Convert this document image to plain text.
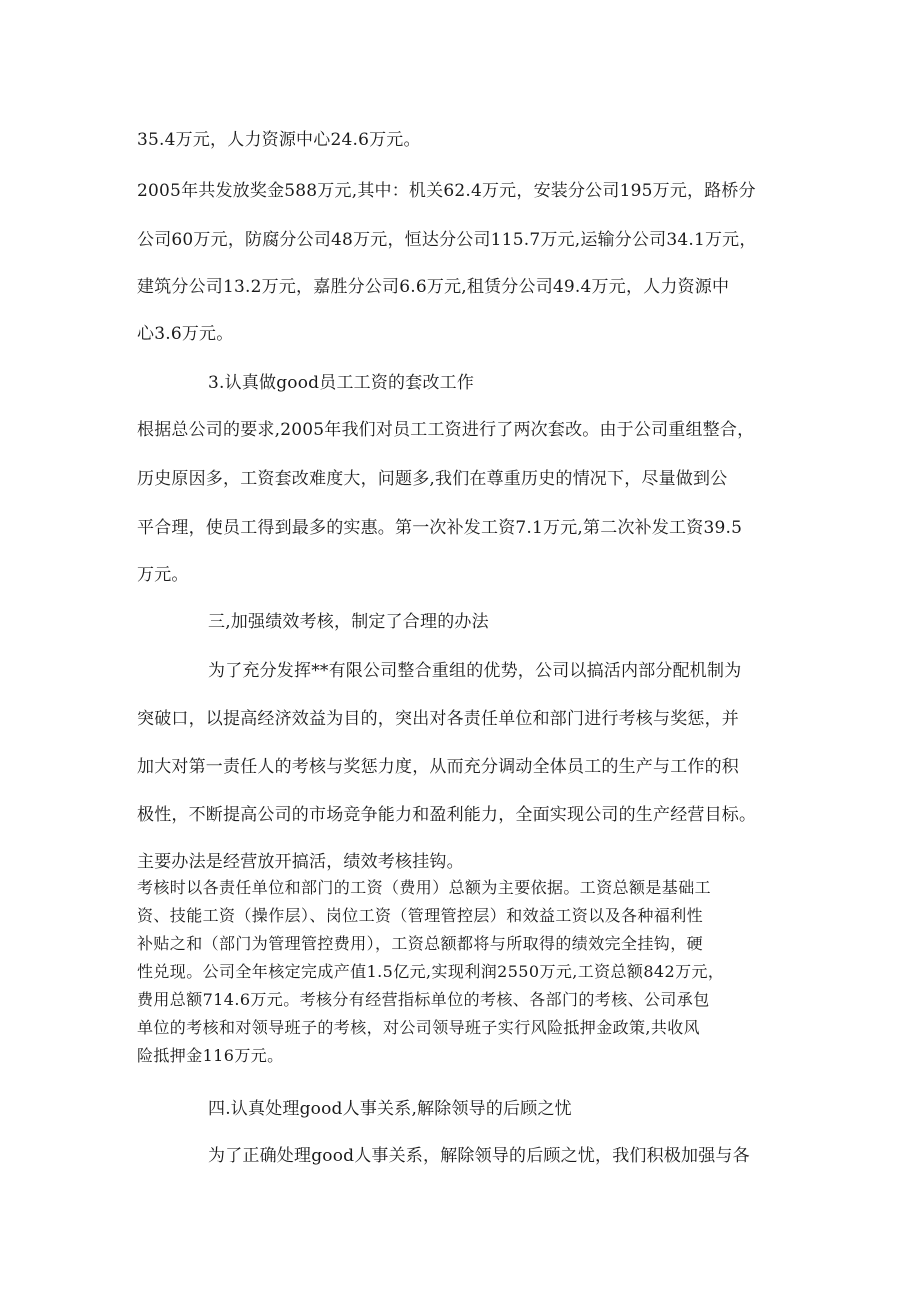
35.4万元，人力资源中心24.6万元。
2005年共发放奖金588万元,其中：机关62.4万元，安装分公司195万元，路桥分
公司60万元，防腐分公司48万元，恒达分公司115.7万元,运输分公司34.1万元，
建筑分公司13.2万元，嘉胜分公司6.6万元,租赁分公司49.4万元，人力资源中
心3.6万元。
3.认真做good员工工资的套改工作
根据总公司的要求,2005年我们对员工工资进行了两次套改。由于公司重组整合，
历史原因多，工资套改难度大，问题多,我们在尊重历史的情况下，尽量做到公
平合理，使员工得到最多的实惠。第一次补发工资7.1万元,第二次补发工资39.5
万元。
三,加强绩效考核，制定了合理的办法
为了充分发挥**有限公司整合重组的优势，公司以搞活内部分配机制为
突破口，以提高经济效益为目的，突出对各责任单位和部门进行考核与奖惩，并
加大对第一责任人的考核与奖惩力度，从而充分调动全体员工的生产与工作的积
极性，不断提高公司的市场竞争能力和盈利能力，全面实现公司的生产经营目标。
主要办法是经营放开搞活，绩效考核挂钩。
考核时以各责任单位和部门的工资（费用）总额为主要依据。工资总额是基础工
资、技能工资（操作层）、岗位工资（管理管控层）和效益工资以及各种福利性
补贴之和（部门为管理管控费用），工资总额都将与所取得的绩效完全挂钩，硬
性兑现。公司全年核定完成产值1.5亿元,实现利润2550万元,工资总额842万元，
费用总额714.6万元。考核分有经营指标单位的考核、各部门的考核、公司承包
单位的考核和对领导班子的考核，对公司领导班子实行风险抵押金政策,共收风
险抵押金116万元。
四.认真处理good人事关系,解除领导的后顾之忧
为了正确处理good人事关系，解除领导的后顾之忧，我们积极加强与各
